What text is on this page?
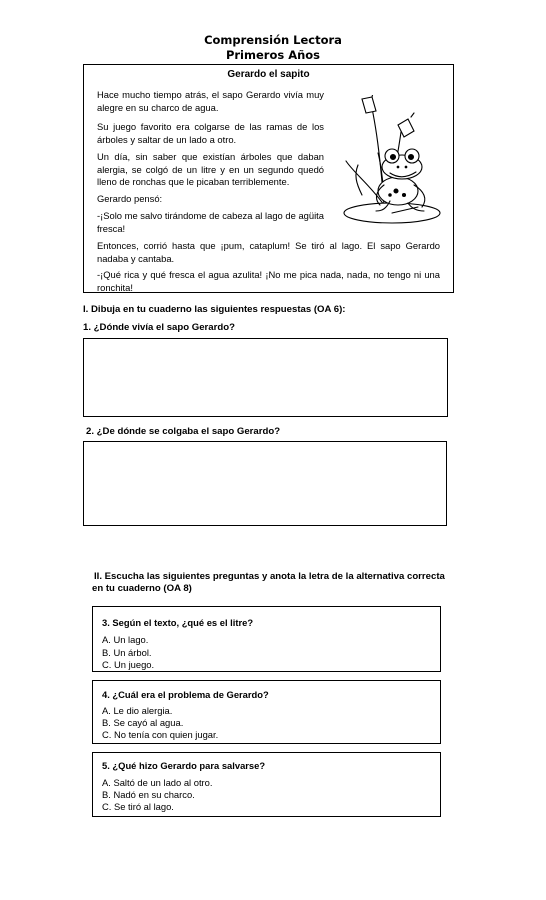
Comprensión Lectora
Primeros Años
Gerardo el sapito
Hace mucho tiempo atrás, el sapo Gerardo vivía muy alegre en su charco de agua.
Su juego favorito era colgarse de las ramas de los árboles y saltar de un lado a otro.
Un día, sin saber que existían árboles que daban alergia, se colgó de un litre y en un segundo quedó lleno de ronchas que le picaban terriblemente.
Gerardo pensó:
-¡Solo me salvo tirándome de cabeza al lago de agüita fresca!
Entonces, corrió hasta que ¡pum, cataplum! Se tiró al lago. El sapo Gerardo nadaba y cantaba.
-¡Qué rica y qué fresca el agua azulita! ¡No me pica nada, nada, no tengo ni una ronchita!
I. Dibuja en tu cuaderno las siguientes respuestas (OA 6):
1. ¿Dónde vivía el sapo Gerardo?
2. ¿De dónde se colgaba el sapo Gerardo?
II. Escucha las siguientes preguntas y anota la letra de la alternativa correcta
en tu cuaderno (OA 8)
3. Según el texto, ¿qué es el litre?
A. Un lago.
B. Un árbol.
C. Un juego.
4. ¿Cuál era el problema de Gerardo?
A. Le dio alergia.
B. Se cayó al agua.
C. No tenía con quien jugar.
5. ¿Qué hizo Gerardo para salvarse?
A. Saltó de un lado al otro.
B. Nadó en su charco.
C. Se tiró al lago.
